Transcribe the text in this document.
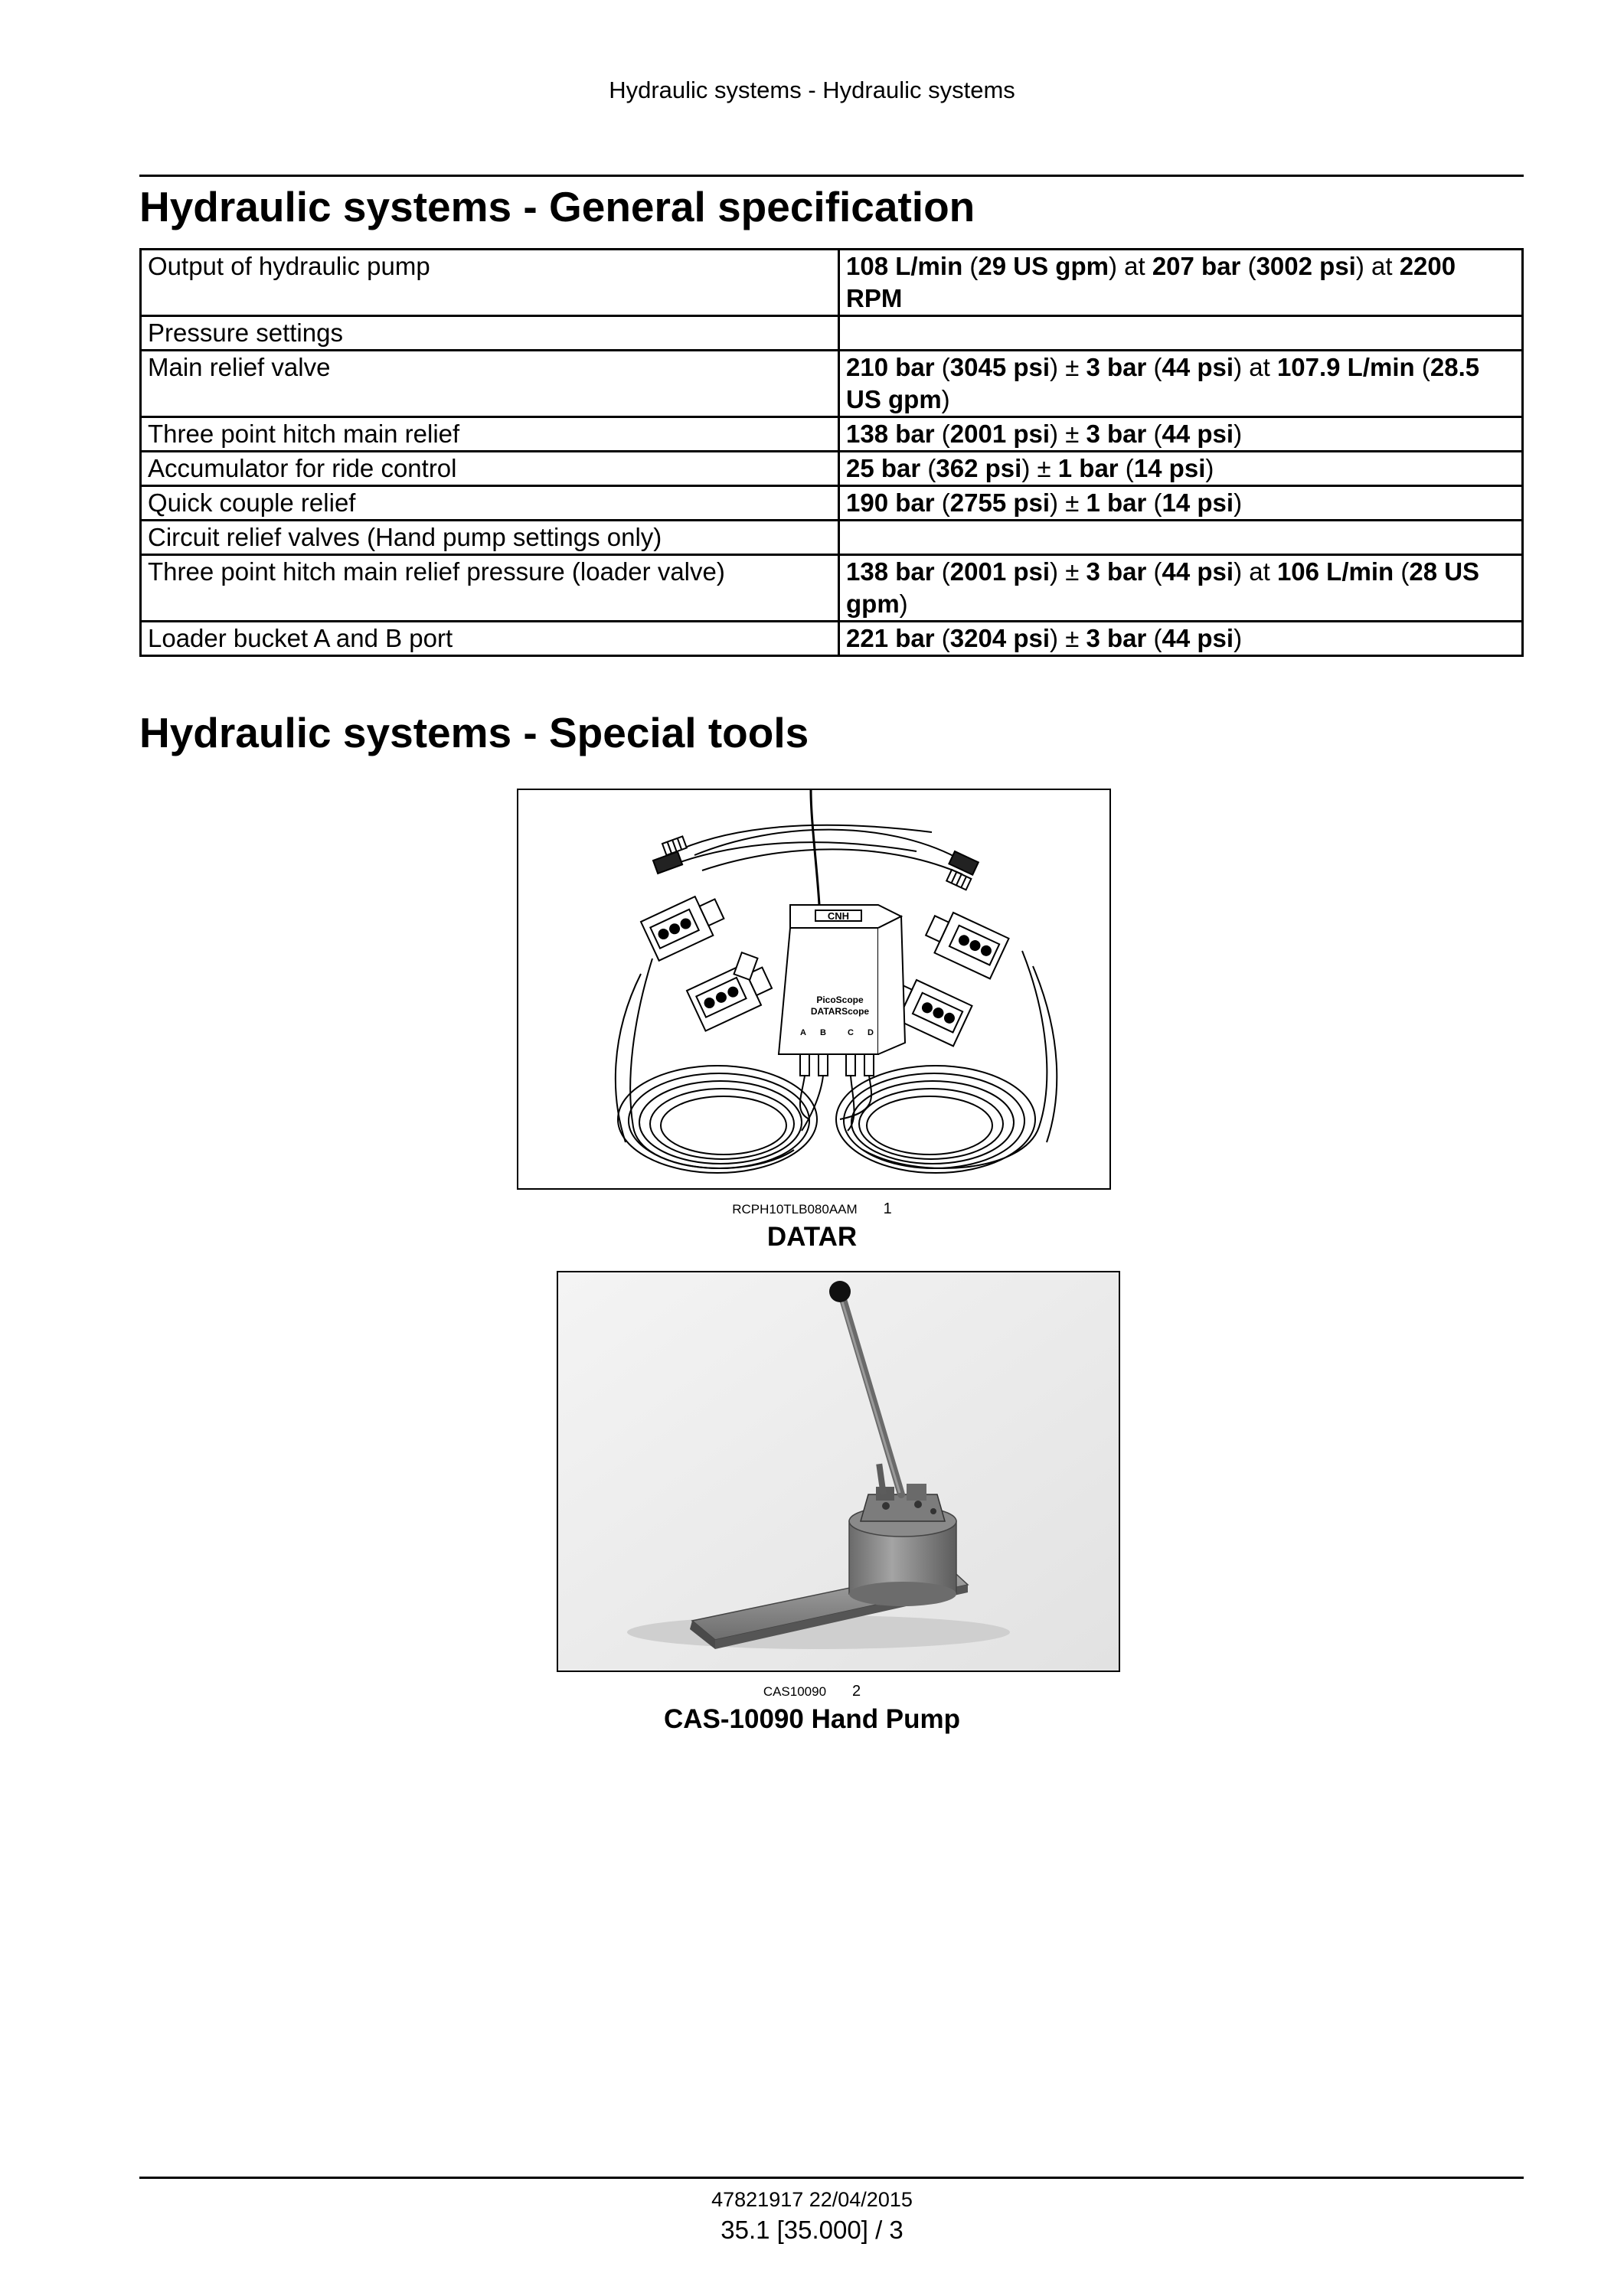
Hydraulic systems - Hydraulic systems
Hydraulic systems - General specification
Output of hydraulic pump	108 L/min (29 US gpm) at 207 bar (3002 psi) at 2200 RPM
Pressure settings	
Main relief valve	210 bar (3045 psi) ± 3 bar (44 psi) at 107.9 L/min (28.5 US gpm)
Three point hitch main relief	138 bar (2001 psi) ± 3 bar (44 psi)
Accumulator for ride control	25 bar (362 psi) ± 1 bar (14 psi)
Quick couple relief	190 bar (2755 psi) ± 1 bar (14 psi)
Circuit relief valves (Hand pump settings only)	
Three point hitch main relief pressure (loader valve)	138 bar (2001 psi) ± 3 bar (44 psi) at 106 L/min (28 US gpm)
Loader bucket A and B port	221 bar (3204 psi) ± 3 bar (44 psi)
Hydraulic systems - Special tools
CNH
PicoScope
DATARScope
A B	C D
RCPH10TLB080AAM 1
DATAR
CAS10090 2
CAS-10090 Hand Pump
47821917 22/04/2015
35.1 [35.000] / 3
